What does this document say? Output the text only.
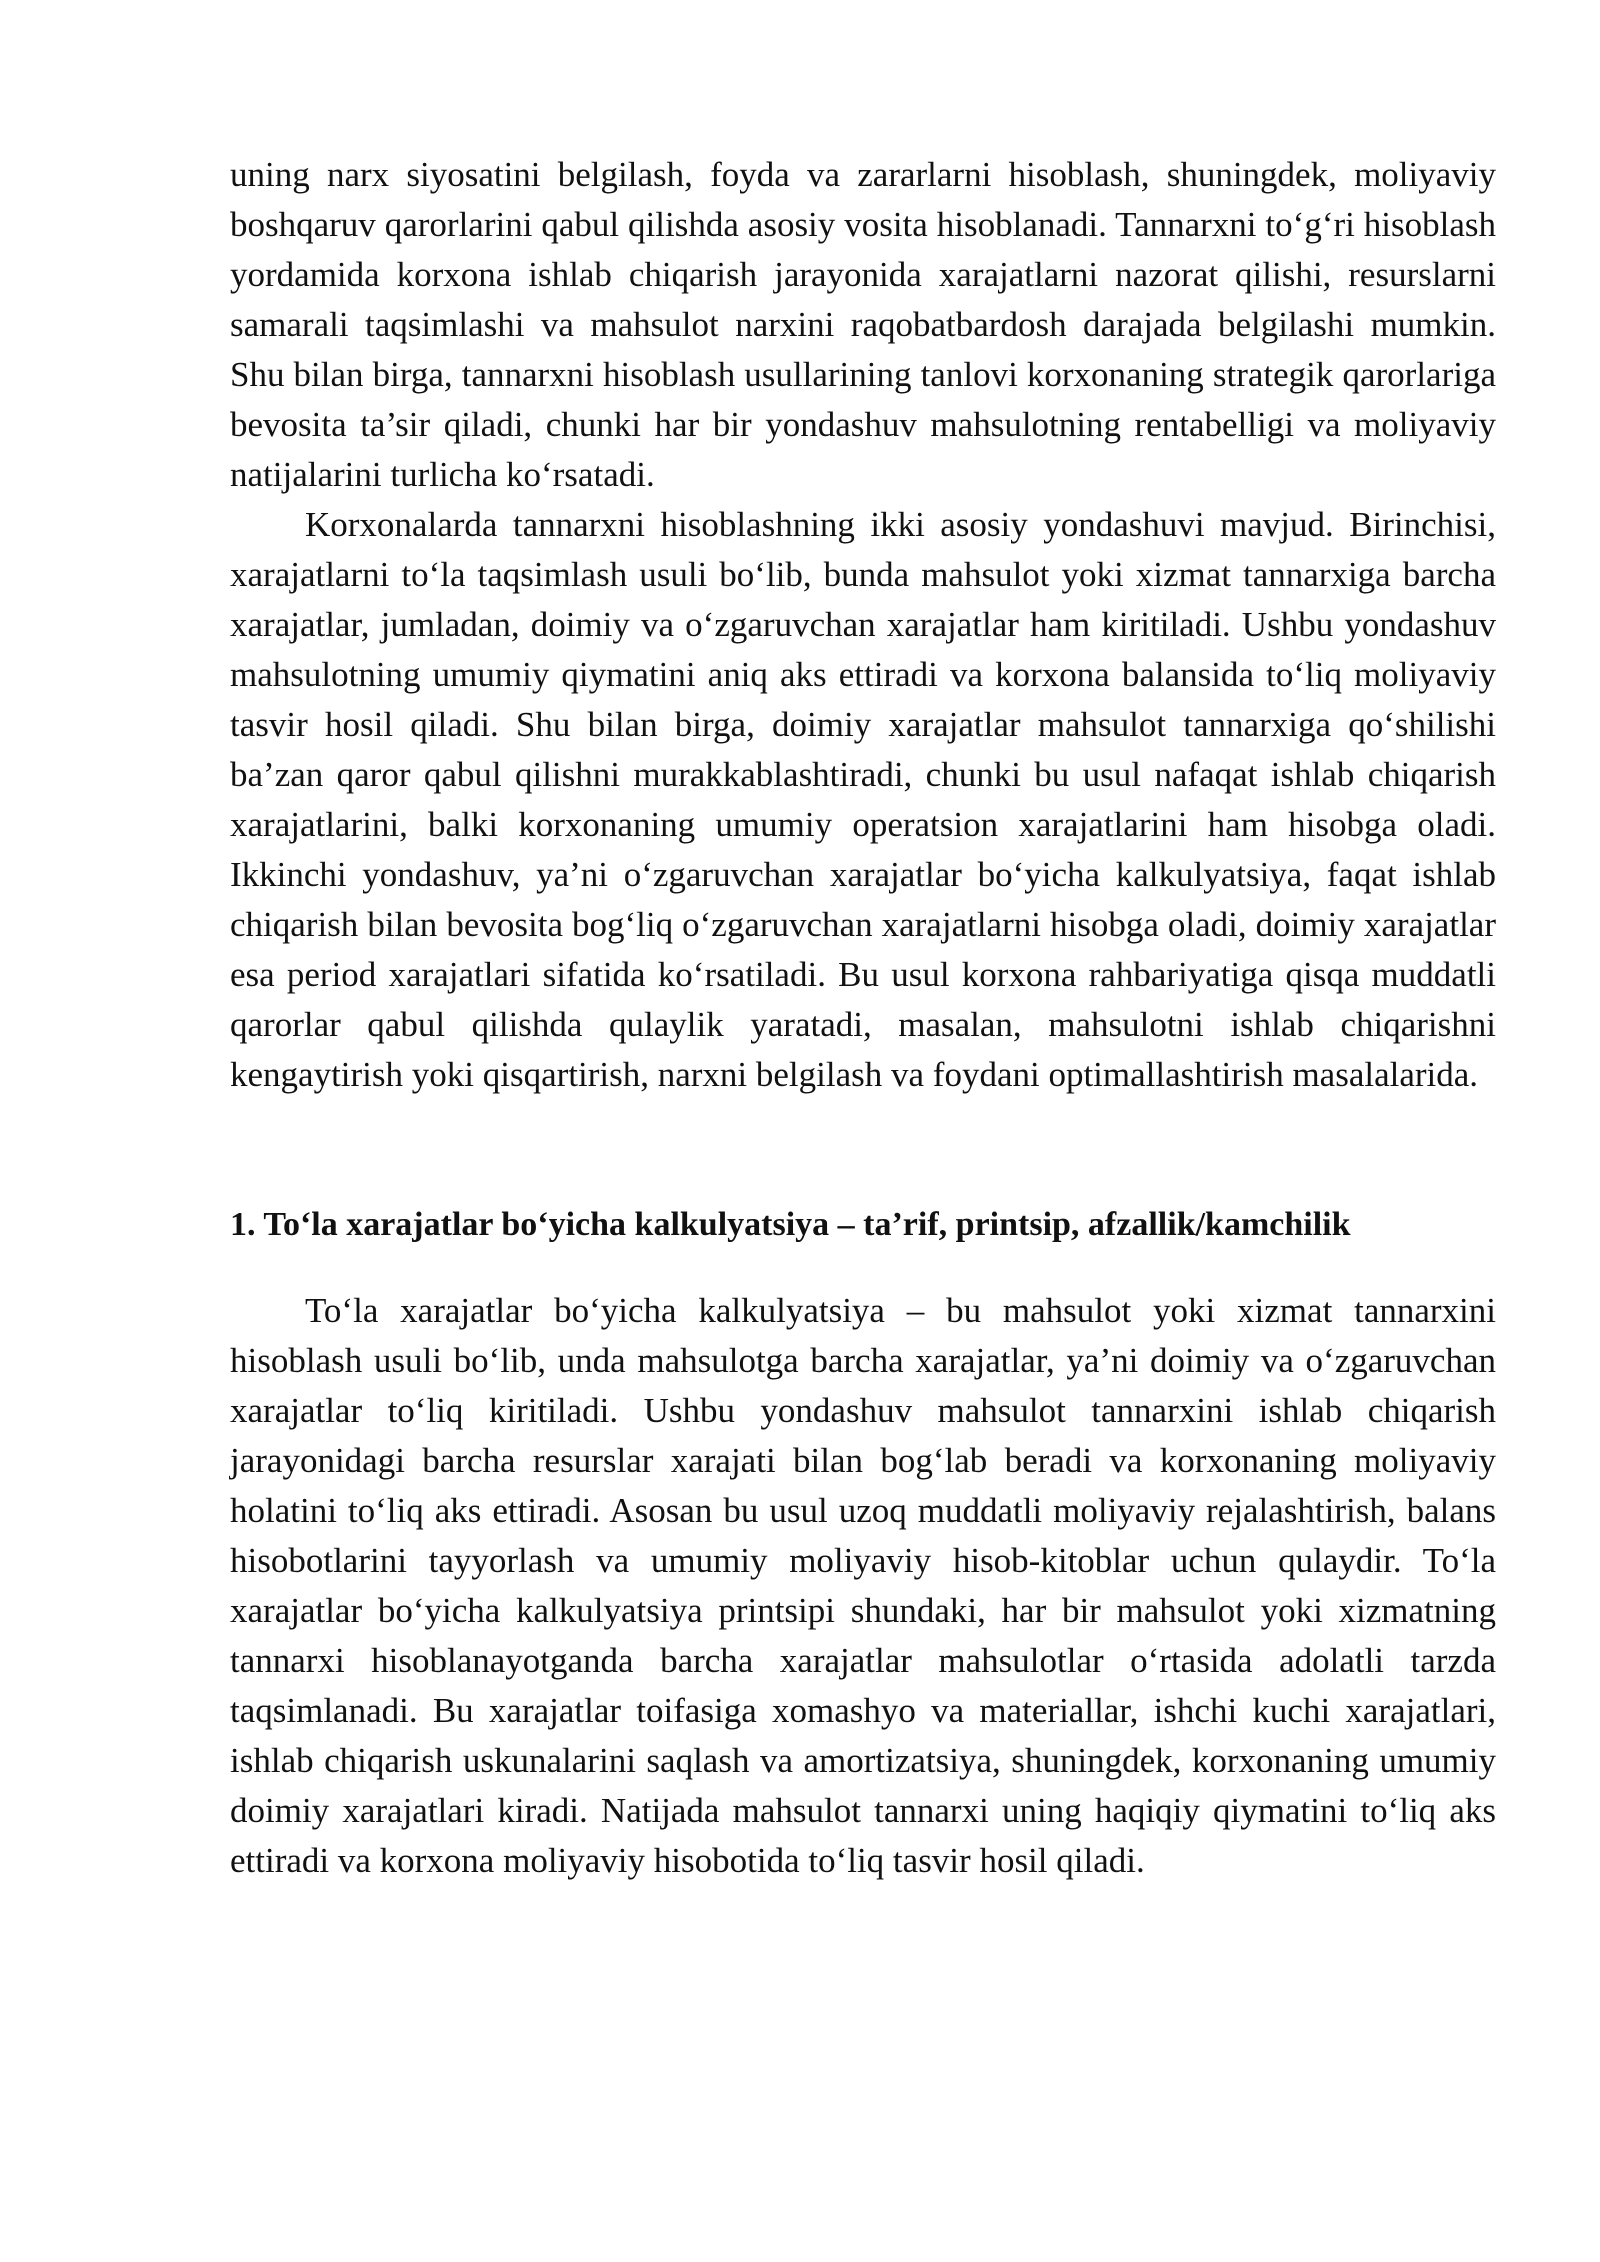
uning narx siyosatini belgilash, foyda va zararlarni hisoblash, shuningdek, moliyaviy boshqaruv qarorlarini qabul qilishda asosiy vosita hisoblanadi. Tannarxni to‘g‘ri hisoblash yordamida korxona ishlab chiqarish jarayonida xarajatlarni nazorat qilishi, resurslarni samarali taqsimlashi va mahsulot narxini raqobatbardosh darajada belgilashi mumkin. Shu bilan birga, tannarxni hisoblash usullarining tanlovi korxonaning strategik qarorlariga bevosita ta’sir qiladi, chunki har bir yondashuv mahsulotning rentabelligi va moliyaviy natijalarini turlicha ko‘rsatadi.

Korxonalarda tannarxni hisoblashning ikki asosiy yondashuvi mavjud. Birinchisi, xarajatlarni to‘la taqsimlash usuli bo‘lib, bunda mahsulot yoki xizmat tannarxiga barcha xarajatlar, jumladan, doimiy va o‘zgaruvchan xarajatlar ham kiritiladi. Ushbu yondashuv mahsulotning umumiy qiymatini aniq aks ettiradi va korxona balansida to‘liq moliyaviy tasvir hosil qiladi. Shu bilan birga, doimiy xarajatlar mahsulot tannarxiga qo‘shilishi ba’zan qaror qabul qilishni murakkablashtiradi, chunki bu usul nafaqat ishlab chiqarish xarajatlarini, balki korxonaning umumiy operatsion xarajatlarini ham hisobga oladi. Ikkinchi yondashuv, ya’ni o‘zgaruvchan xarajatlar bo‘yicha kalkulyatsiya, faqat ishlab chiqarish bilan bevosita bog‘liq o‘zgaruvchan xarajatlarni hisobga oladi, doimiy xarajatlar esa period xarajatlari sifatida ko‘rsatiladi. Bu usul korxona rahbariyatiga qisqa muddatli qarorlar qabul qilishda qulaylik yaratadi, masalan, mahsulotni ishlab chiqarishni kengaytirish yoki qisqartirish, narxni belgilash va foydani optimallashtirish masalalarida.

1. To‘la xarajatlar bo‘yicha kalkulyatsiya – ta’rif, printsip, afzallik/kamchilik

To‘la xarajatlar bo‘yicha kalkulyatsiya – bu mahsulot yoki xizmat tannarxini hisoblash usuli bo‘lib, unda mahsulotga barcha xarajatlar, ya’ni doimiy va o‘zgaruvchan xarajatlar to‘liq kiritiladi. Ushbu yondashuv mahsulot tannarxini ishlab chiqarish jarayonidagi barcha resurslar xarajati bilan bog‘lab beradi va korxonaning moliyaviy holatini to‘liq aks ettiradi. Asosan bu usul uzoq muddatli moliyaviy rejalashtirish, balans hisobotlarini tayyorlash va umumiy moliyaviy hisob-kitoblar uchun qulaydir. To‘la xarajatlar bo‘yicha kalkulyatsiya printsipi shundaki, har bir mahsulot yoki xizmatning tannarxi hisoblanayotganda barcha xarajatlar mahsulotlar o‘rtasida adolatli tarzda taqsimlanadi. Bu xarajatlar toifasiga xomashyo va materiallar, ishchi kuchi xarajatlari, ishlab chiqarish uskunalarini saqlash va amortizatsiya, shuningdek, korxonaning umumiy doimiy xarajatlari kiradi. Natijada mahsulot tannarxi uning haqiqiy qiymatini to‘liq aks ettiradi va korxona moliyaviy hisobotida to‘liq tasvir hosil qiladi.
